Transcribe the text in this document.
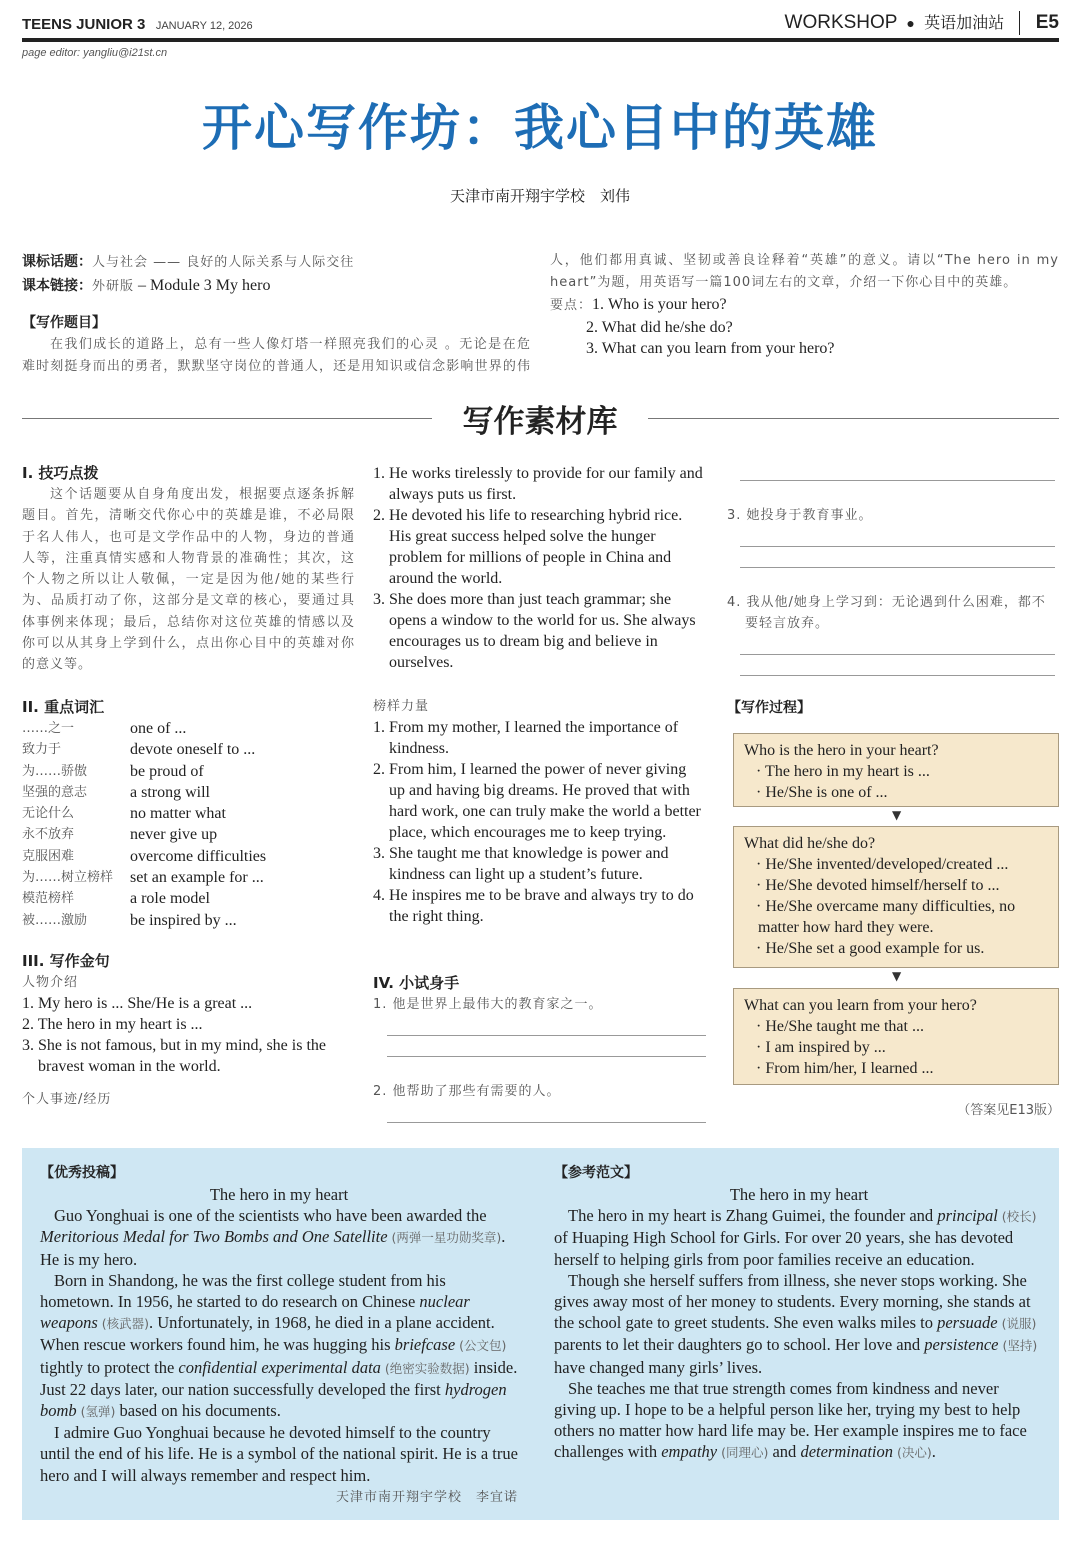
TEENS JUNIOR 3 JANUARY 12, 2026	WORKSHOP ● 英语加油站 E5
page editor: yangliu@i21st.cn
开心写作坊：我心目中的英雄
天津市南开翔宇学校　刘伟
课标话题：人与社会 —— 良好的人际关系与人际交往
课本链接：外研版 – Module 3 My hero
【写作题目】
在我们成长的道路上，总有一些人像灯塔一样照亮我们的心灵 。无论是在危难时刻挺身而出的勇者，默默坚守岗位的普通人，还是用知识或信念影响世界的伟人，他们都用真诚、坚韧或善良诠释着“英雄”的意义。请以“The hero in my heart”为题，用英语写一篇100词左右的文章，介绍一下你心目中的英雄。
要点：1. Who is your hero?
2. What did he/she do?
3. What can you learn from your hero?
写作素材库
I. 技巧点拨
这个话题要从自身角度出发，根据要点逐条拆解题目。首先，清晰交代你心中的英雄是谁，不必局限于名人伟人，也可是文学作品中的人物，身边的普通人等，注重真情实感和人物背景的准确性；其次，这个人物之所以让人敬佩，一定是因为他/她的某些行为、品质打动了你，这部分是文章的核心，要通过具体事例来体现；最后，总结你对这位英雄的情感以及你可以从其身上学到什么，点出你心目中的英雄对你的意义等。
II. 重点词汇
……之一	one of ...
致力于	devote oneself to ...
为……骄傲	be proud of
坚强的意志	a strong will
无论什么	no matter what
永不放弃	never give up
克服困难	overcome difficulties
为……树立榜样	set an example for ...
模范榜样	a role model
被……激励	be inspired by ...
III. 写作金句
人物介绍
1. My hero is ... She/He is a great ...
2. The hero in my heart is ...
3. She is not famous, but in my mind, she is the bravest woman in the world.
个人事迹/经历
1. He works tirelessly to provide for our family and always puts us first.
2. He devoted his life to researching hybrid rice. His great success helped solve the hunger problem for millions of people in China and around the world.
3. She does more than just teach grammar; she opens a window to the world for us. She always encourages us to dream big and believe in ourselves.
榜样力量
1. From my mother, I learned the importance of kindness.
2. From him, I learned the power of never giving up and having big dreams. He proved that with hard work, one can truly make the world a better place, which encourages me to keep trying.
3. She taught me that knowledge is power and kindness can light up a student’s future.
4. He inspires me to be brave and always try to do the right thing.
IV. 小试身手
1. 他是世界上最伟大的教育家之一。
2. 他帮助了那些有需要的人。
3. 她投身于教育事业。
4. 我从他/她身上学习到：无论遇到什么困难，都不要轻言放弃。
【写作过程】
Who is the hero in your heart?
· The hero in my heart is ...
· He/She is one of ...
▼
What did he/she do?
· He/She invented/developed/created ...
· He/She devoted himself/herself to ...
· He/She overcame many difficulties, no matter how hard they were.
· He/She set a good example for us.
▼
What can you learn from your hero?
· He/She taught me that ...
· I am inspired by ...
· From him/her, I learned ...
（答案见E13版）
【优秀投稿】
The hero in my heart

Guo Yonghuai is one of the scientists who have been awarded the Meritorious Medal for Two Bombs and One Satellite (两弹一星功勋奖章). He is my hero.

Born in Shandong, he was the first college student from his hometown. In 1956, he started to do research on Chinese nuclear weapons (核武器). Unfortunately, in 1968, he died in a plane accident. When rescue workers found him, he was hugging his briefcase (公文包) tightly to protect the confidential experimental data (绝密实验数据) inside. Just 22 days later, our nation successfully developed the first hydrogen bomb (氢弹) based on his documents.

I admire Guo Yonghuai because he devoted himself to the country until the end of his life. He is a symbol of the national spirit. He is a true hero and I will always remember and respect him.

天津市南开翔宇学校　李宜诺
【参考范文】
The hero in my heart

The hero in my heart is Zhang Guimei, the founder and principal (校长) of Huaping High School for Girls. For over 20 years, she has devoted herself to helping girls from poor families receive an education.

Though she herself suffers from illness, she never stops working. She gives away most of her money to students. Every morning, she stands at the school gate to greet students. She even walks miles to persuade (说服) parents to let their daughters go to school. Her love and persistence (坚持) have changed many girls’ lives.

She teaches me that true strength comes from kindness and never giving up. I hope to be a helpful person like her, trying my best to help others no matter how hard life may be. Her example inspires me to face challenges with empathy (同理心) and determination (决心).
